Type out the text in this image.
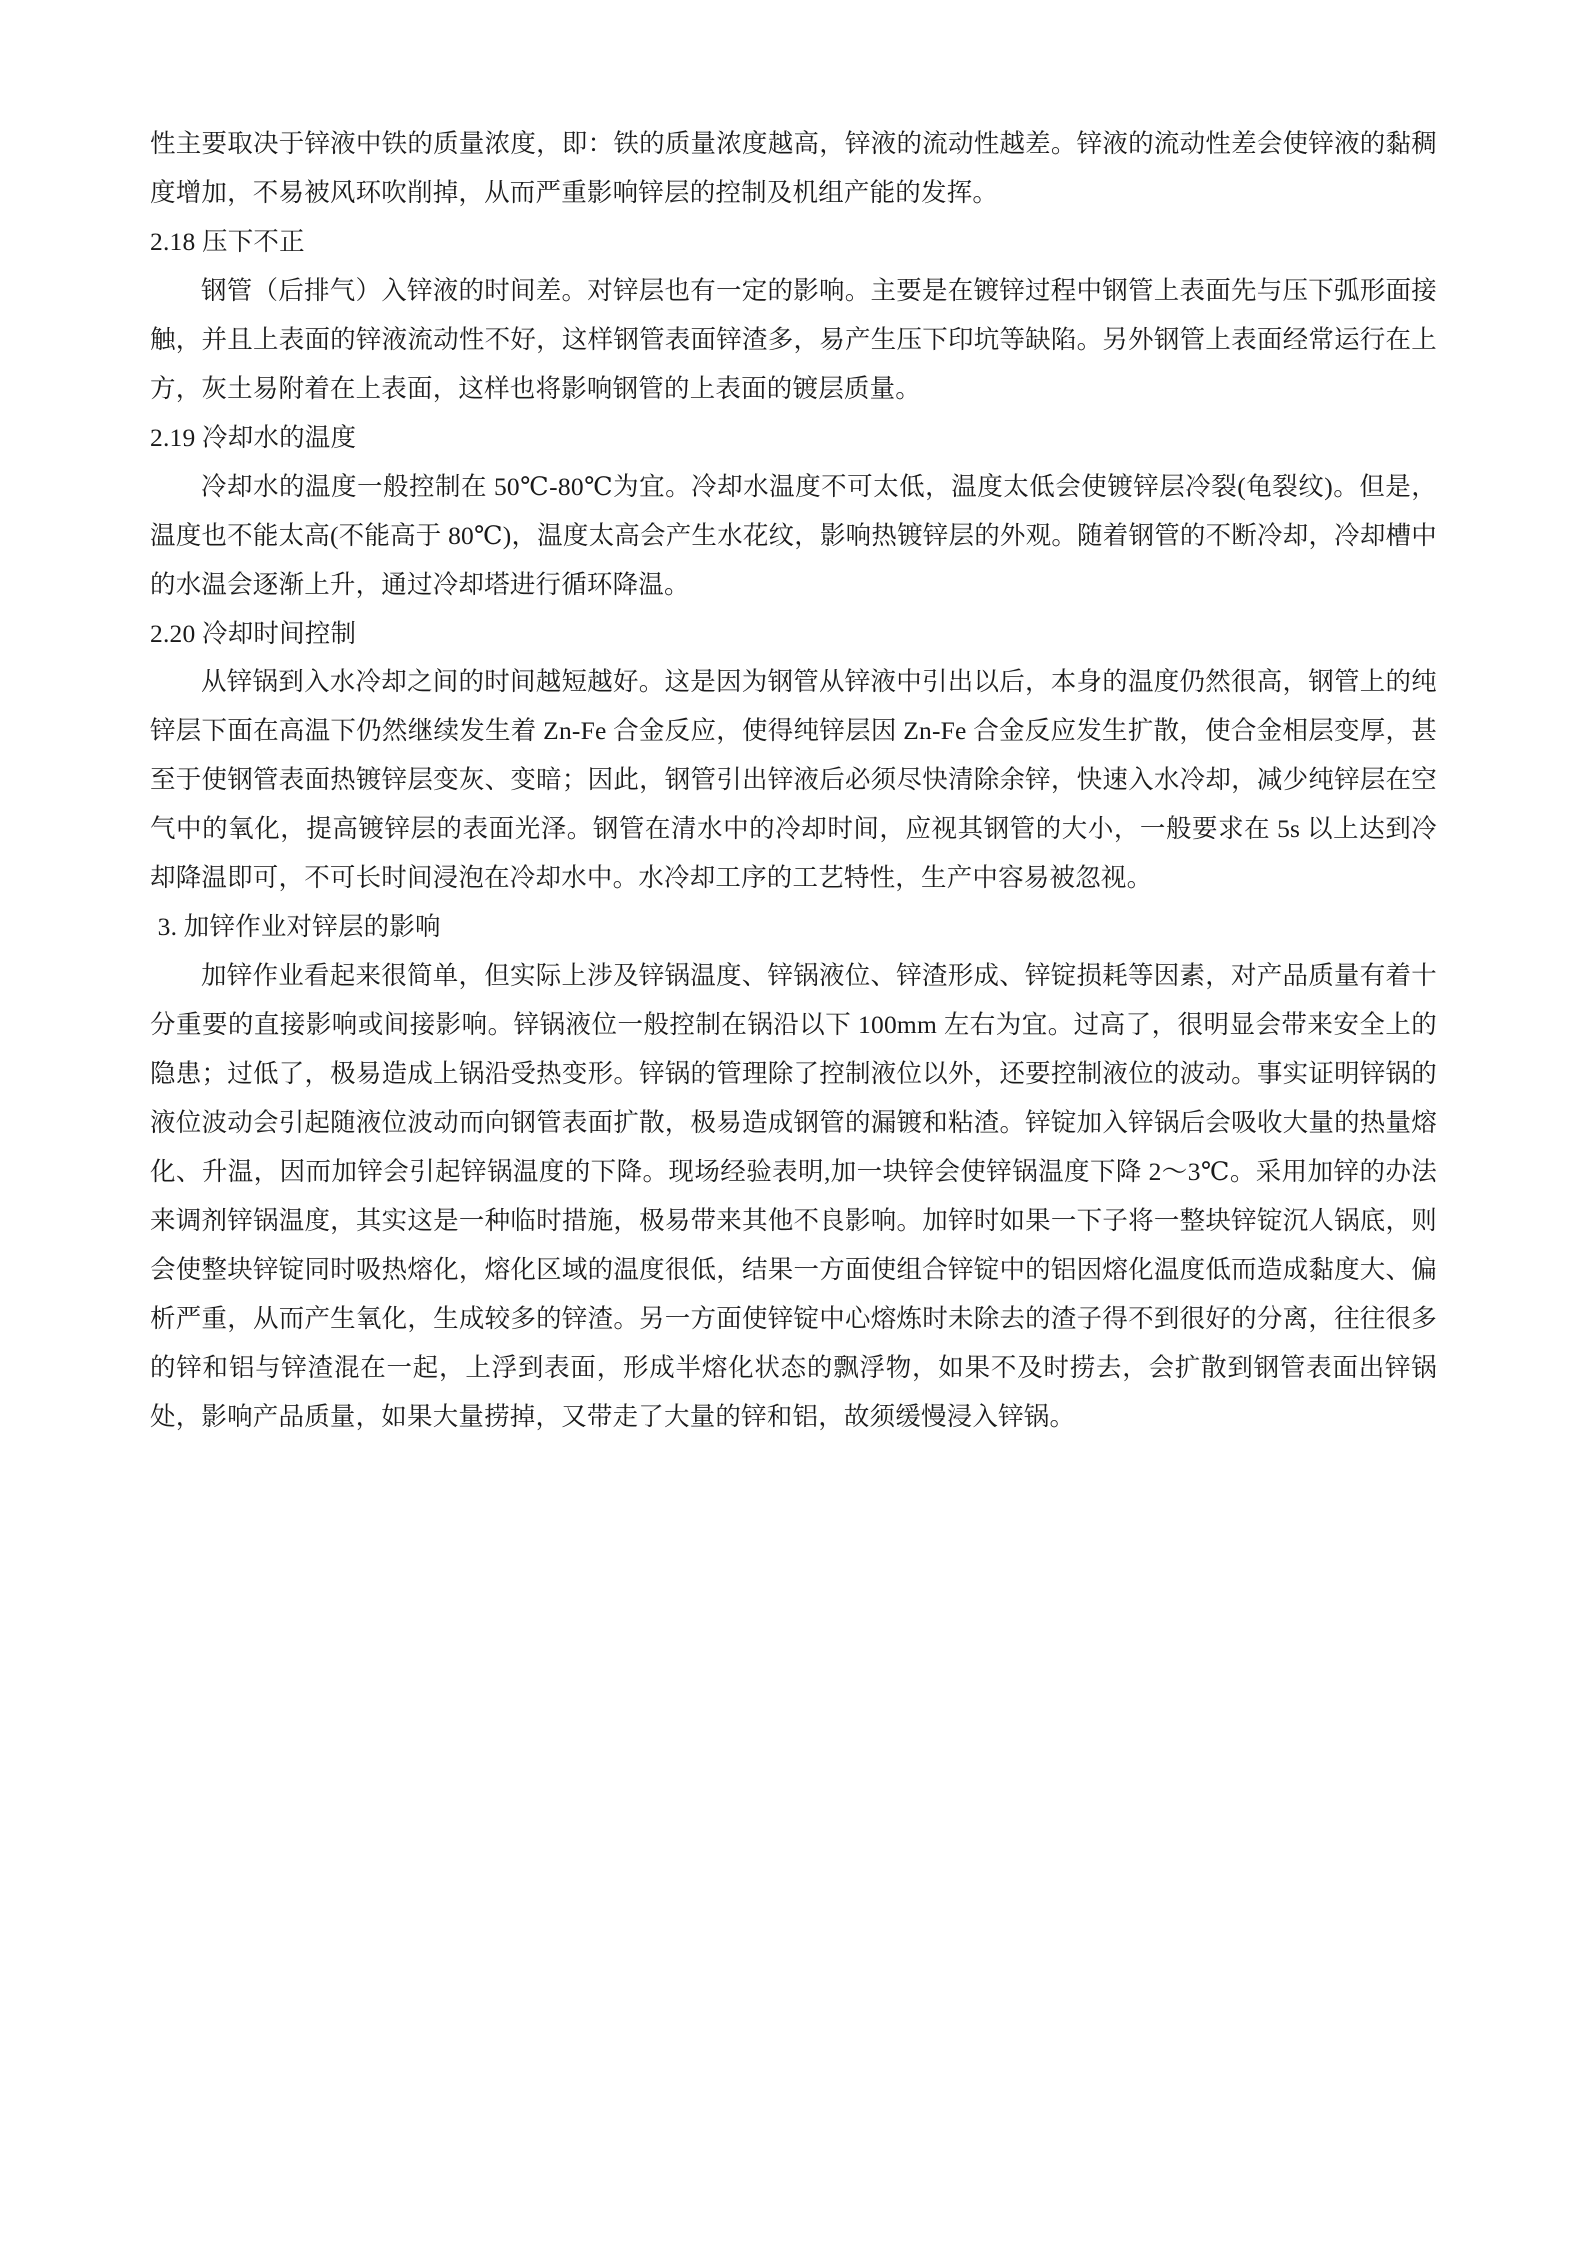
性主要取决于锌液中铁的质量浓度，即：铁的质量浓度越高，锌液的流动性越差。锌液的流动性差会使锌液的黏稠度增加，不易被风环吹削掉，从而严重影响锌层的控制及机组产能的发挥。

2.18 压下不正

钢管（后排气）入锌液的时间差。对锌层也有一定的影响。主要是在镀锌过程中钢管上表面先与压下弧形面接触，并且上表面的锌液流动性不好，这样钢管表面锌渣多，易产生压下印坑等缺陷。另外钢管上表面经常运行在上方，灰土易附着在上表面，这样也将影响钢管的上表面的镀层质量。

2.19 冷却水的温度

冷却水的温度一般控制在 50℃-80℃为宜。冷却水温度不可太低，温度太低会使镀锌层冷裂(龟裂纹)。但是，温度也不能太高(不能高于 80℃)，温度太高会产生水花纹，影响热镀锌层的外观。随着钢管的不断冷却，冷却槽中的水温会逐渐上升，通过冷却塔进行循环降温。

2.20 冷却时间控制

从锌锅到入水冷却之间的时间越短越好。这是因为钢管从锌液中引出以后，本身的温度仍然很高，钢管上的纯锌层下面在高温下仍然继续发生着 Zn-Fe 合金反应，使得纯锌层因 Zn-Fe 合金反应发生扩散，使合金相层变厚，甚至于使钢管表面热镀锌层变灰、变暗；因此，钢管引出锌液后必须尽快清除余锌，快速入水冷却，减少纯锌层在空气中的氧化，提高镀锌层的表面光泽。钢管在清水中的冷却时间，应视其钢管的大小，一般要求在 5s 以上达到冷却降温即可，不可长时间浸泡在冷却水中。水冷却工序的工艺特性，生产中容易被忽视。

3. 加锌作业对锌层的影响

加锌作业看起来很简单，但实际上涉及锌锅温度、锌锅液位、锌渣形成、锌锭损耗等因素，对产品质量有着十分重要的直接影响或间接影响。锌锅液位一般控制在锅沿以下 100mm 左右为宜。过高了，很明显会带来安全上的隐患；过低了，极易造成上锅沿受热变形。锌锅的管理除了控制液位以外，还要控制液位的波动。事实证明锌锅的液位波动会引起随液位波动而向钢管表面扩散，极易造成钢管的漏镀和粘渣。锌锭加入锌锅后会吸收大量的热量熔化、升温，因而加锌会引起锌锅温度的下降。现场经验表明,加一块锌会使锌锅温度下降 2～3℃。采用加锌的办法来调剂锌锅温度，其实这是一种临时措施，极易带来其他不良影响。加锌时如果一下子将一整块锌锭沉人锅底，则会使整块锌锭同时吸热熔化，熔化区域的温度很低，结果一方面使组合锌锭中的铝因熔化温度低而造成黏度大、偏析严重，从而产生氧化，生成较多的锌渣。另一方面使锌锭中心熔炼时未除去的渣子得不到很好的分离，往往很多的锌和铝与锌渣混在一起，上浮到表面，形成半熔化状态的飘浮物，如果不及时捞去，会扩散到钢管表面出锌锅处，影响产品质量，如果大量捞掉，又带走了大量的锌和铝，故须缓慢浸入锌锅。
